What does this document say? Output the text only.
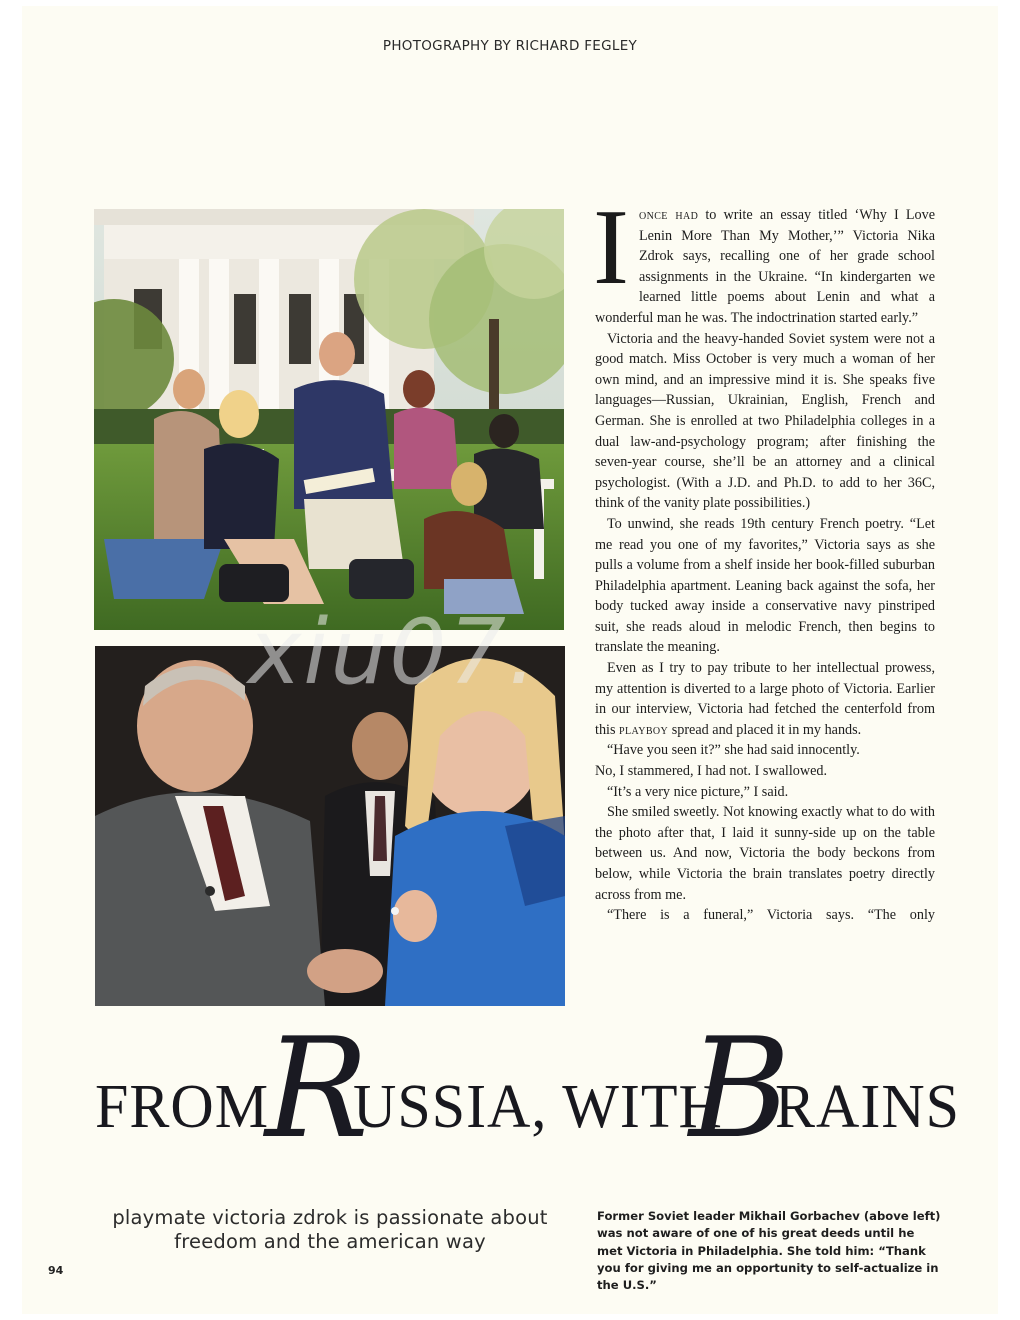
PHOTOGRAPHY BY RICHARD FEGLEY
xiu07.

Ionce had to write an essay titled ‘Why I Love Lenin More Than My Mother,’” Victoria Nika Zdrok says, recalling one of her grade school assignments in the Ukraine. “In kindergarten we learned little poems about Lenin and what a wonderful man he was. The indoctrination started early.”

Victoria and the heavy-handed Soviet system were not a good match. Miss October is very much a woman of her own mind, and an impressive mind it is. She speaks five languages—Russian, Ukrainian, English, French and German. She is enrolled at two Philadelphia colleges in a dual law-and-psychology program; after finishing the seven-year course, she’ll be an attorney and a clinical psychologist. (With a J.D. and Ph.D. to add to her 36C, think of the vanity plate possibilities.)

To unwind, she reads 19th century French poetry. “Let me read you one of my favorites,” Victoria says as she pulls a volume from a shelf inside her book-filled suburban Philadelphia apartment. Leaning back against the sofa, her body tucked away inside a conservative navy pinstriped suit, she reads aloud in melodic French, then begins to translate the meaning.

Even as I try to pay tribute to her intellectual prowess, my attention is diverted to a large photo of Victoria. Earlier in our interview, Victoria had fetched the centerfold from this playboy spread and placed it in my hands.

“Have you seen it?” she had said innocently.

No, I stammered, I had not. I swallowed.

“It’s a very nice picture,” I said.

She smiled sweetly. Not knowing exactly what to do with the photo after that, I laid it sunny-side up on the table between us. And now, Victoria the body beckons from below, while Victoria the brain translates poetry directly across from me.

“There is a funeral,” Victoria says. “The only

FROM
R
USSIA, WITH
B
RAINS
playmate victoria zdrok is passionate about freedom and the american way
Former Soviet leader Mikhail Gorbachev (above left) was not aware of one of his great deeds until he met Victoria in Philadelphia. She told him: “Thank you for giving me an opportunity to self-actualize in the U.S.”
94
